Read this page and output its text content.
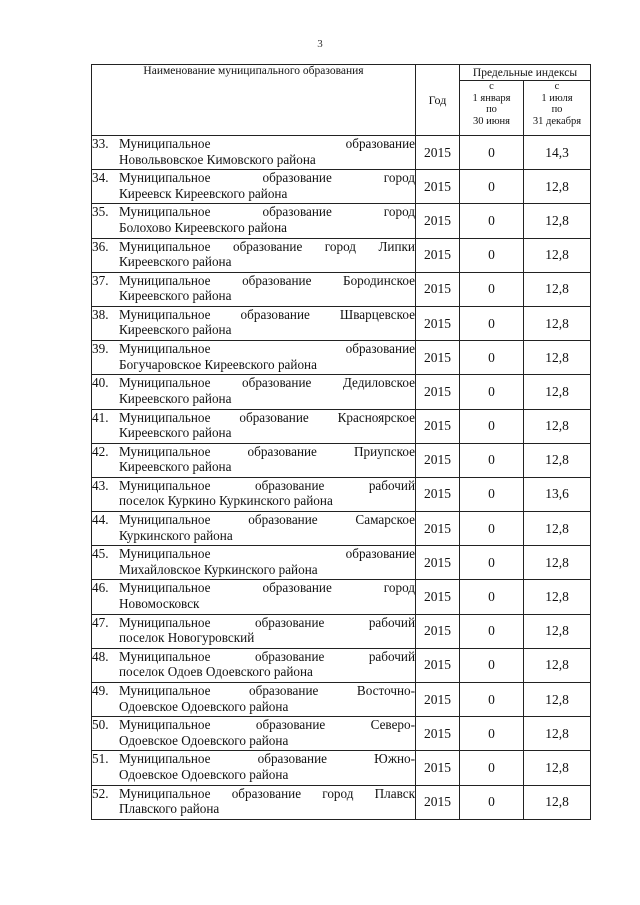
3
Наименование муниципального образования	Год	Предельные индексы	

		с
1 января
по
30 июня	с
1 июля
по
31 декабря

33. Муниципальное образование
Новольвовское Кимовского района	2015	0	14,3

34. Муниципальное образование город
Киреевск Киреевского района	2015	0	12,8

35. Муниципальное образование город
Болохово Киреевского района	2015	0	12,8

36. Муниципальное образование город Липки
Киреевского района	2015	0	12,8

37. Муниципальное образование Бородинское
Киреевского района	2015	0	12,8

38. Муниципальное образование Шварцевское
Киреевского района	2015	0	12,8

39. Муниципальное образование
Богучаровское Киреевского района	2015	0	12,8

40. Муниципальное образование Дедиловское
Киреевского района	2015	0	12,8

41. Муниципальное образование Красноярское
Киреевского района	2015	0	12,8

42. Муниципальное образование Приупское
Киреевского района	2015	0	12,8

43. Муниципальное образование рабочий
поселок Куркино Куркинского района	2015	0	13,6

44. Муниципальное образование Самарское
Куркинского района	2015	0	12,8

45. Муниципальное образование
Михайловское Куркинского района	2015	0	12,8

46. Муниципальное образование город
Новомосковск	2015	0	12,8

47. Муниципальное образование рабочий
поселок Новогуровский	2015	0	12,8

48. Муниципальное образование рабочий
поселок Одоев Одоевского района	2015	0	12,8

49. Муниципальное образование Восточно-
Одоевское Одоевского района	2015	0	12,8

50. Муниципальное образование Северо-
Одоевское Одоевского района	2015	0	12,8

51. Муниципальное образование Южно-
Одоевское Одоевского района	2015	0	12,8

52. Муниципальное образование город Плавск
Плавского района	2015	0	12,8
